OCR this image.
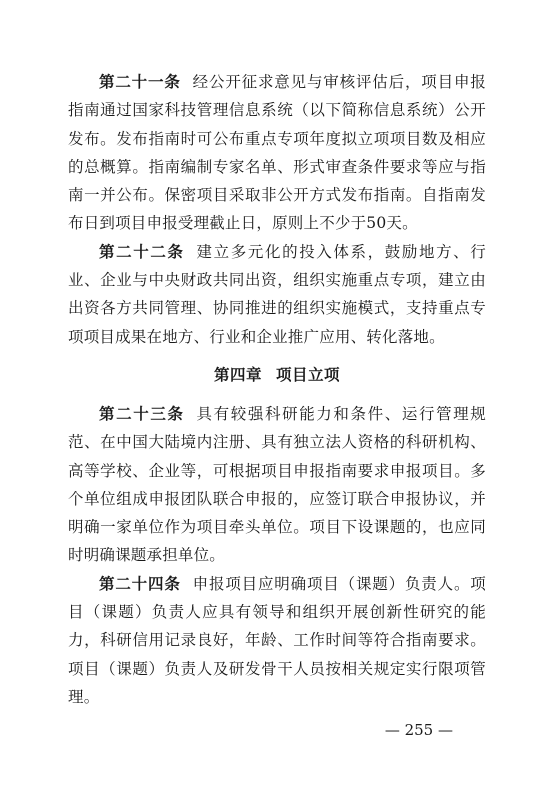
第二十一条 经公开征求意见与审核评估后，项目申报指南通过国家科技管理信息系统（以下简称信息系统）公开发布。发布指南时可公布重点专项年度拟立项项目数及相应的总概算。指南编制专家名单、形式审查条件要求等应与指南一并公布。保密项目采取非公开方式发布指南。自指南发布日到项目申报受理截止日，原则上不少于50天。

第二十二条 建立多元化的投入体系，鼓励地方、行业、企业与中央财政共同出资，组织实施重点专项，建立由出资各方共同管理、协同推进的组织实施模式，支持重点专项项目成果在地方、行业和企业推广应用、转化落地。

第四章 项目立项

第二十三条 具有较强科研能力和条件、运行管理规范、在中国大陆境内注册、具有独立法人资格的科研机构、高等学校、企业等，可根据项目申报指南要求申报项目。多个单位组成申报团队联合申报的，应签订联合申报协议，并明确一家单位作为项目牵头单位。项目下设课题的，也应同时明确课题承担单位。

第二十四条 申报项目应明确项目（课题）负责人。项目（课题）负责人应具有领导和组织开展创新性研究的能力，科研信用记录良好，年龄、工作时间等符合指南要求。项目（课题）负责人及研发骨干人员按相关规定实行限项管理。

— 255 —
